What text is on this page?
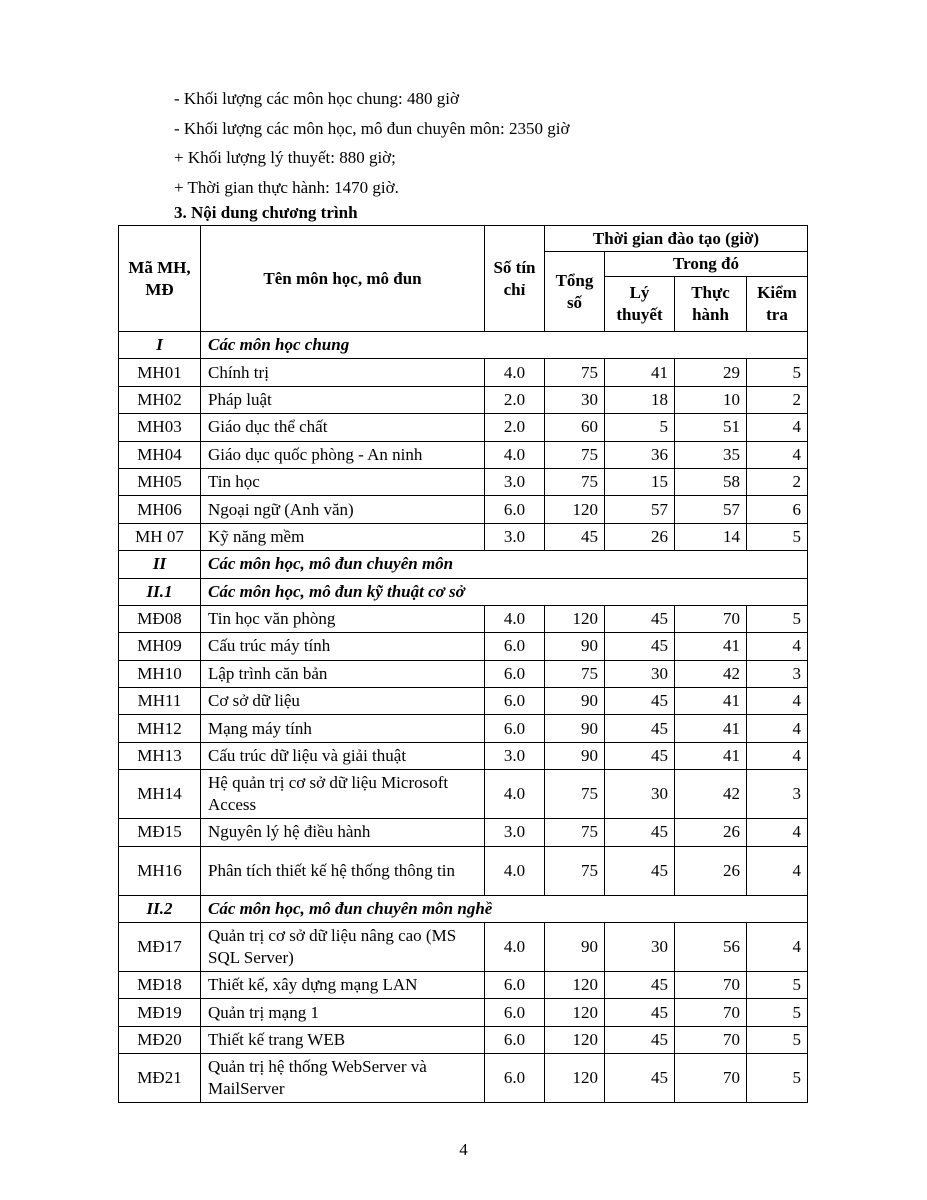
- Khối lượng các môn học chung: 480 giờ
- Khối lượng các môn học, mô đun chuyên môn: 2350 giờ
+ Khối lượng lý thuyết: 880 giờ;
+ Thời gian thực hành: 1470 giờ.
3. Nội dung chương trình
Mã MH, MĐ	Tên môn học, mô đun	Số tín chỉ	Thời gian đào tạo (giờ)			
			Tổng số	Trong đó		
				Lý thuyết	Thực hành	Kiểm tra
I	Các môn học chung					
MH01	Chính trị	4.0	75	41	29	5
MH02	Pháp luật	2.0	30	18	10	2
MH03	Giáo dục thể chất	2.0	60	5	51	4
MH04	Giáo dục quốc phòng - An ninh	4.0	75	36	35	4
MH05	Tin học	3.0	75	15	58	2
MH06	Ngoại ngữ (Anh văn)	6.0	120	57	57	6
MH 07	Kỹ năng mềm	3.0	45	26	14	5
II	Các môn học, mô đun chuyên môn					
II.1	Các môn học, mô đun kỹ thuật cơ sở					
MĐ08	Tin học văn phòng	4.0	120	45	70	5
MH09	Cấu trúc máy tính	6.0	90	45	41	4
MH10	Lập trình căn bản	6.0	75	30	42	3
MH11	Cơ sở dữ liệu	6.0	90	45	41	4
MH12	Mạng máy tính	6.0	90	45	41	4
MH13	Cấu trúc dữ liệu và giải thuật	3.0	90	45	41	4
MH14	Hệ quản trị cơ sở dữ liệu Microsoft Access	4.0	75	30	42	3
MĐ15	Nguyên lý hệ điều hành	3.0	75	45	26	4
MH16	Phân tích thiết kế hệ thống thông tin	4.0	75	45	26	4
II.2	Các môn học, mô đun chuyên môn nghề					
MĐ17	Quản trị cơ sở dữ liệu nâng cao (MS SQL Server)	4.0	90	30	56	4
MĐ18	Thiết kế, xây dựng mạng LAN	6.0	120	45	70	5
MĐ19	Quản trị mạng 1	6.0	120	45	70	5
MĐ20	Thiết kế trang WEB	6.0	120	45	70	5
MĐ21	Quản trị hệ thống WebServer và MailServer	6.0	120	45	70	5
4
